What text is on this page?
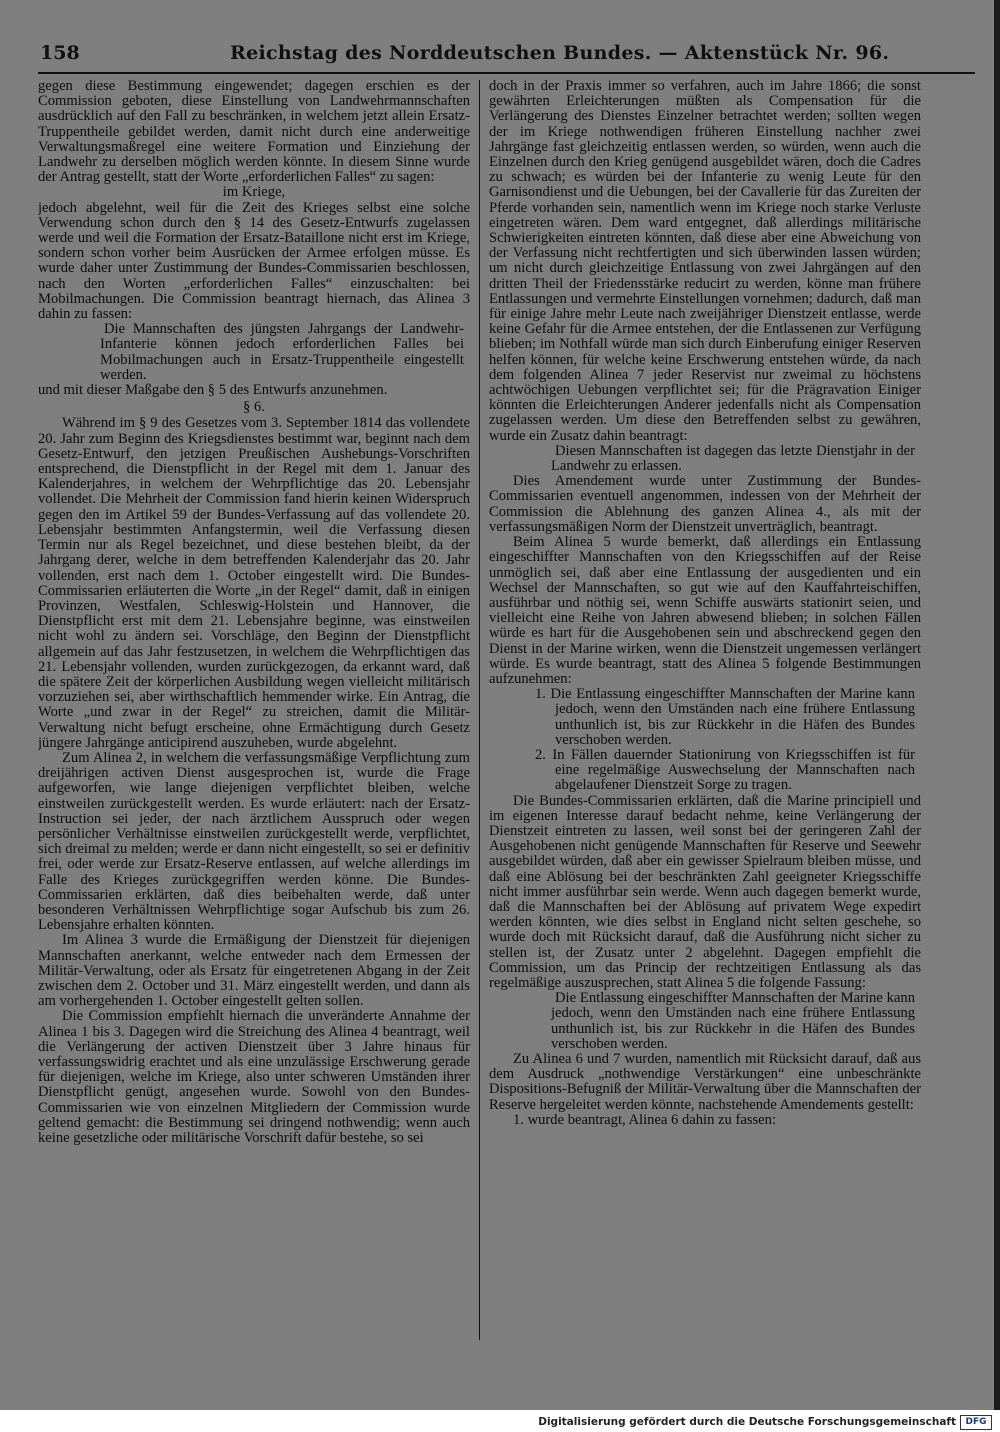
158	Reichstag des Norddeutschen Bundes. — Aktenstück Nr. 96.

gegen diese Bestimmung eingewendet; dagegen erschien es der Commission geboten, diese Einstellung von Landwehrmannschaften ausdrücklich auf den Fall zu beschränken, in welchem jetzt allein Ersatz-Truppentheile gebildet werden, damit nicht durch eine anderweitige Verwaltungsmaßregel eine weitere Formation und Einziehung der Landwehr zu derselben möglich werden könnte. In diesem Sinne wurde der Antrag gestellt, statt der Worte „erforderlichen Falles“ zu sagen:

im Kriege,

jedoch abgelehnt, weil für die Zeit des Krieges selbst eine solche Verwendung schon durch den § 14 des Gesetz-Entwurfs zugelassen werde und weil die Formation der Ersatz-Bataillone nicht erst im Kriege, sondern schon vorher beim Ausrücken der Armee erfolgen müsse. Es wurde daher unter Zustimmung der Bundes-Commissarien beschlossen, nach den Worten „erforderlichen Falles“ einzuschalten: bei Mobilmachungen. Die Commission beantragt hiernach, das Alinea 3 dahin zu fassen:

Die Mannschaften des jüngsten Jahrgangs der Landwehr-Infanterie können jedoch erforderlichen Falles bei Mobilmachungen auch in Ersatz-Truppentheile eingestellt werden.

und mit dieser Maßgabe den § 5 des Entwurfs anzunehmen.

§ 6.

Während im § 9 des Gesetzes vom 3. September 1814 das vollendete 20. Jahr zum Beginn des Kriegsdienstes bestimmt war, beginnt nach dem Gesetz-Entwurf, den jetzigen Preußischen Aushebungs-Vorschriften entsprechend, die Dienstpflicht in der Regel mit dem 1. Januar des Kalenderjahres, in welchem der Wehrpflichtige das 20. Lebensjahr vollendet. Die Mehrheit der Commission fand hierin keinen Widerspruch gegen den im Artikel 59 der Bundes-Verfassung auf das vollendete 20. Lebensjahr bestimmten Anfangstermin, weil die Verfassung diesen Termin nur als Regel bezeichnet, und diese bestehen bleibt, da der Jahrgang derer, welche in dem betreffenden Kalenderjahr das 20. Jahr vollenden, erst nach dem 1. October eingestellt wird. Die Bundes-Commissarien erläuterten die Worte „in der Regel“ damit, daß in einigen Provinzen, Westfalen, Schleswig-Holstein und Hannover, die Dienstpflicht erst mit dem 21. Lebensjahre beginne, was einstweilen nicht wohl zu ändern sei. Vorschläge, den Beginn der Dienstpflicht allgemein auf das Jahr festzusetzen, in welchem die Wehrpflichtigen das 21. Lebensjahr vollenden, wurden zurückgezogen, da erkannt ward, daß die spätere Zeit der körperlichen Ausbildung wegen vielleicht militärisch vorzuziehen sei, aber wirthschaftlich hemmender wirke. Ein Antrag, die Worte „und zwar in der Regel“ zu streichen, damit die Militär-Verwaltung nicht befugt erscheine, ohne Ermächtigung durch Gesetz jüngere Jahrgänge anticipirend auszuheben, wurde abgelehnt.

Zum Alinea 2, in welchem die verfassungsmäßige Verpflichtung zum dreijährigen activen Dienst ausgesprochen ist, wurde die Frage aufgeworfen, wie lange diejenigen verpflichtet bleiben, welche einstweilen zurückgestellt werden. Es wurde erläutert: nach der Ersatz-Instruction sei jeder, der nach ärztlichem Ausspruch oder wegen persönlicher Verhältnisse einstweilen zurückgestellt werde, verpflichtet, sich dreimal zu melden; werde er dann nicht eingestellt, so sei er definitiv frei, oder werde zur Ersatz-Reserve entlassen, auf welche allerdings im Falle des Krieges zurückgegriffen werden könne. Die Bundes-Commissarien erklärten, daß dies beibehalten werde, daß unter besonderen Verhältnissen Wehrpflichtige sogar Aufschub bis zum 26. Lebensjahre erhalten könnten.

Im Alinea 3 wurde die Ermäßigung der Dienstzeit für diejenigen Mannschaften anerkannt, welche entweder nach dem Ermessen der Militär-Verwaltung, oder als Ersatz für eingetretenen Abgang in der Zeit zwischen dem 2. October und 31. März eingestellt werden, und dann als am vorhergehenden 1. October eingestellt gelten sollen.

Die Commission empfiehlt hiernach die unveränderte Annahme der Alinea 1 bis 3. Dagegen wird die Streichung des Alinea 4 beantragt, weil die Verlängerung der activen Dienstzeit über 3 Jahre hinaus für verfassungswidrig erachtet und als eine unzulässige Erschwerung gerade für diejenigen, welche im Kriege, also unter schweren Umständen ihrer Dienstpflicht genügt, angesehen wurde. Sowohl von den Bundes-Commissarien wie von einzelnen Mitgliedern der Commission wurde geltend gemacht: die Bestimmung sei dringend nothwendig; wenn auch keine gesetzliche oder militärische Vorschrift dafür bestehe, so sei

doch in der Praxis immer so verfahren, auch im Jahre 1866; die sonst gewährten Erleichterungen müßten als Compensation für die Verlängerung des Dienstes Einzelner betrachtet werden; sollten wegen der im Kriege nothwendigen früheren Einstellung nachher zwei Jahrgänge fast gleichzeitig entlassen werden, so würden, wenn auch die Einzelnen durch den Krieg genügend ausgebildet wären, doch die Cadres zu schwach; es würden bei der Infanterie zu wenig Leute für den Garnisondienst und die Uebungen, bei der Cavallerie für das Zureiten der Pferde vorhanden sein, namentlich wenn im Kriege noch starke Verluste eingetreten wären. Dem ward entgegnet, daß allerdings militärische Schwierigkeiten eintreten könnten, daß diese aber eine Abweichung von der Verfassung nicht rechtfertigten und sich überwinden lassen würden; um nicht durch gleichzeitige Entlassung von zwei Jahrgängen auf den dritten Theil der Friedensstärke reducirt zu werden, könne man frühere Entlassungen und vermehrte Einstellungen vornehmen; dadurch, daß man für einige Jahre mehr Leute nach zweijähriger Dienstzeit entlasse, werde keine Gefahr für die Armee entstehen, der die Entlassenen zur Verfügung blieben; im Nothfall würde man sich durch Einberufung einiger Reserven helfen können, für welche keine Erschwerung entstehen würde, da nach dem folgenden Alinea 7 jeder Reservist nur zweimal zu höchstens achtwöchigen Uebungen verpflichtet sei; für die Prägravation Einiger könnten die Erleichterungen Anderer jedenfalls nicht als Compensation zugelassen werden. Um diese den Betreffenden selbst zu gewähren, wurde ein Zusatz dahin beantragt:

Diesen Mannschaften ist dagegen das letzte Dienstjahr in der Landwehr zu erlassen.

Dies Amendement wurde unter Zustimmung der Bundes-Commissarien eventuell angenommen, indessen von der Mehrheit der Commission die Ablehnung des ganzen Alinea 4., als mit der verfassungsmäßigen Norm der Dienstzeit unverträglich, beantragt.

Beim Alinea 5 wurde bemerkt, daß allerdings ein Entlassung eingeschiffter Mannschaften von den Kriegsschiffen auf der Reise unmöglich sei, daß aber eine Entlassung der ausgedienten und ein Wechsel der Mannschaften, so gut wie auf den Kauffahrteischiffen, ausführbar und nöthig sei, wenn Schiffe auswärts stationirt seien, und vielleicht eine Reihe von Jahren abwesend blieben; in solchen Fällen würde es hart für die Ausgehobenen sein und abschreckend gegen den Dienst in der Marine wirken, wenn die Dienstzeit ungemessen verlängert würde. Es wurde beantragt, statt des Alinea 5 folgende Bestimmungen aufzunehmen:

1. Die Entlassung eingeschiffter Mannschaften der Marine kann jedoch, wenn den Umständen nach eine frühere Entlassung unthunlich ist, bis zur Rückkehr in die Häfen des Bundes verschoben werden.
2. In Fällen dauernder Stationirung von Kriegsschiffen ist für eine regelmäßige Auswechselung der Mannschaften nach abgelaufener Dienstzeit Sorge zu tragen.

Die Bundes-Commissarien erklärten, daß die Marine principiell und im eigenen Interesse darauf bedacht nehme, keine Verlängerung der Dienstzeit eintreten zu lassen, weil sonst bei der geringeren Zahl der Ausgehobenen nicht genügende Mannschaften für Reserve und Seewehr ausgebildet würden, daß aber ein gewisser Spielraum bleiben müsse, und daß eine Ablösung bei der beschränkten Zahl geeigneter Kriegsschiffe nicht immer ausführbar sein werde. Wenn auch dagegen bemerkt wurde, daß die Mannschaften bei der Ablösung auf privatem Wege expedirt werden könnten, wie dies selbst in England nicht selten geschehe, so wurde doch mit Rücksicht darauf, daß die Ausführung nicht sicher zu stellen ist, der Zusatz unter 2 abgelehnt. Dagegen empfiehlt die Commission, um das Princip der rechtzeitigen Entlassung als das regelmäßige auszusprechen, statt Alinea 5 die folgende Fassung:

Die Entlassung eingeschiffter Mannschaften der Marine kann jedoch, wenn den Umständen nach eine frühere Entlassung unthunlich ist, bis zur Rückkehr in die Häfen des Bundes verschoben werden.

Zu Alinea 6 und 7 wurden, namentlich mit Rücksicht darauf, daß aus dem Ausdruck „nothwendige Verstärkungen“ eine unbeschränkte Dispositions-Befugniß der Militär-Verwaltung über die Mannschaften der Reserve hergeleitet werden könnte, nachstehende Amendements gestellt:

1. wurde beantragt, Alinea 6 dahin zu fassen:

Digitalisierung gefördert durch die Deutsche Forschungsgemeinschaft	DFG
